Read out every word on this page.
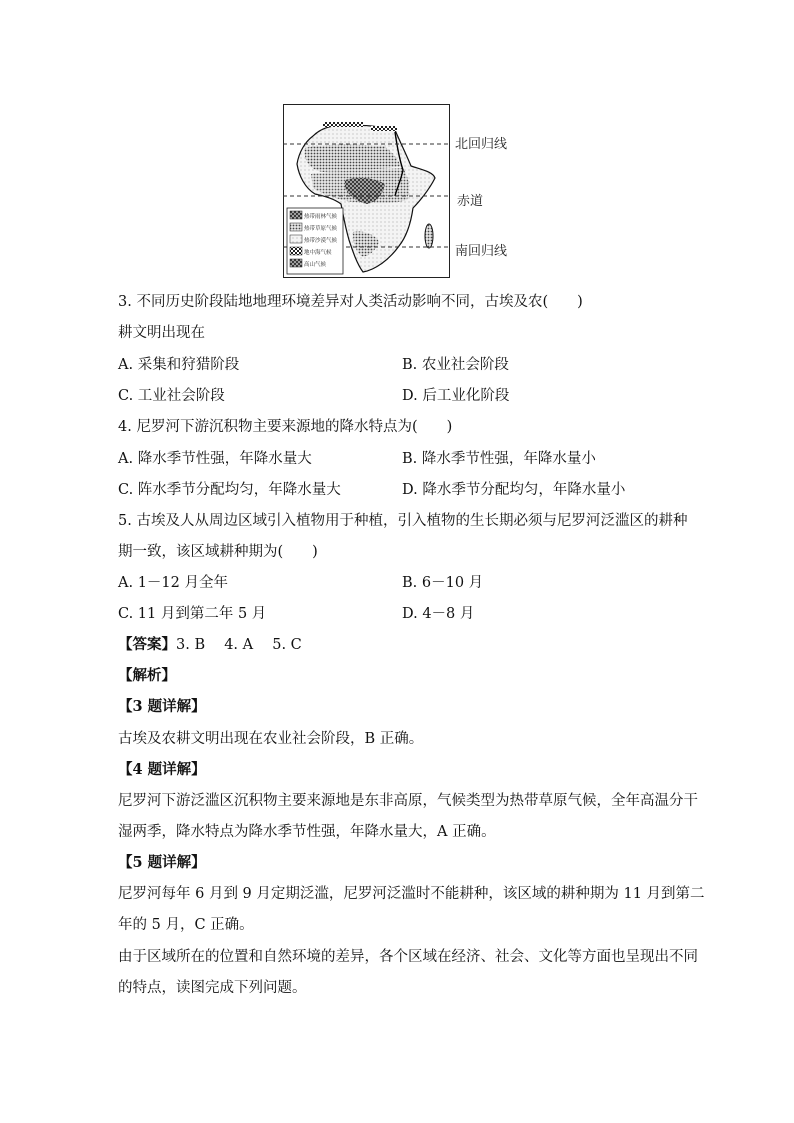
热带雨林气候
热带草原气候
热带沙漠气候
地中海气候
高山气候
北回归线
赤道
南回归线
3. 不同历史阶段陆地地理环境差异对人类活动影响不同，古埃及农(　　)
耕文明出现在
A. 采集和狩猎阶段	B. 农业社会阶段
C. 工业社会阶段	D. 后工业化阶段
4. 尼罗河下游沉积物主要来源地的降水特点为(　　)
A. 降水季节性强，年降水量大	B. 降水季节性强，年降水量小
C. 阵水季节分配均匀，年降水量大	D. 降水季节分配均匀，年降水量小
5. 古埃及人从周边区域引入植物用于种植，引入植物的生长期必须与尼罗河泛滥区的耕种
期一致，该区域耕种期为(　　)
A. 1－12 月全年	B. 6－10 月
C. 11 月到第二年 5 月	D. 4－8 月
【答案】3. B　 4. A　 5. C
【解析】
【3 题详解】
古埃及农耕文明出现在农业社会阶段，B 正确。
【4 题详解】
尼罗河下游泛滥区沉积物主要来源地是东非高原，气候类型为热带草原气候，全年高温分干
湿两季，降水特点为降水季节性强，年降水量大，A 正确。
【5 题详解】
尼罗河每年 6 月到 9 月定期泛滥，尼罗河泛滥时不能耕种，该区域的耕种期为 11 月到第二
年的 5 月，C 正确。
由于区域所在的位置和自然环境的差异，各个区域在经济、社会、文化等方面也呈现出不同
的特点，读图完成下列问题。
